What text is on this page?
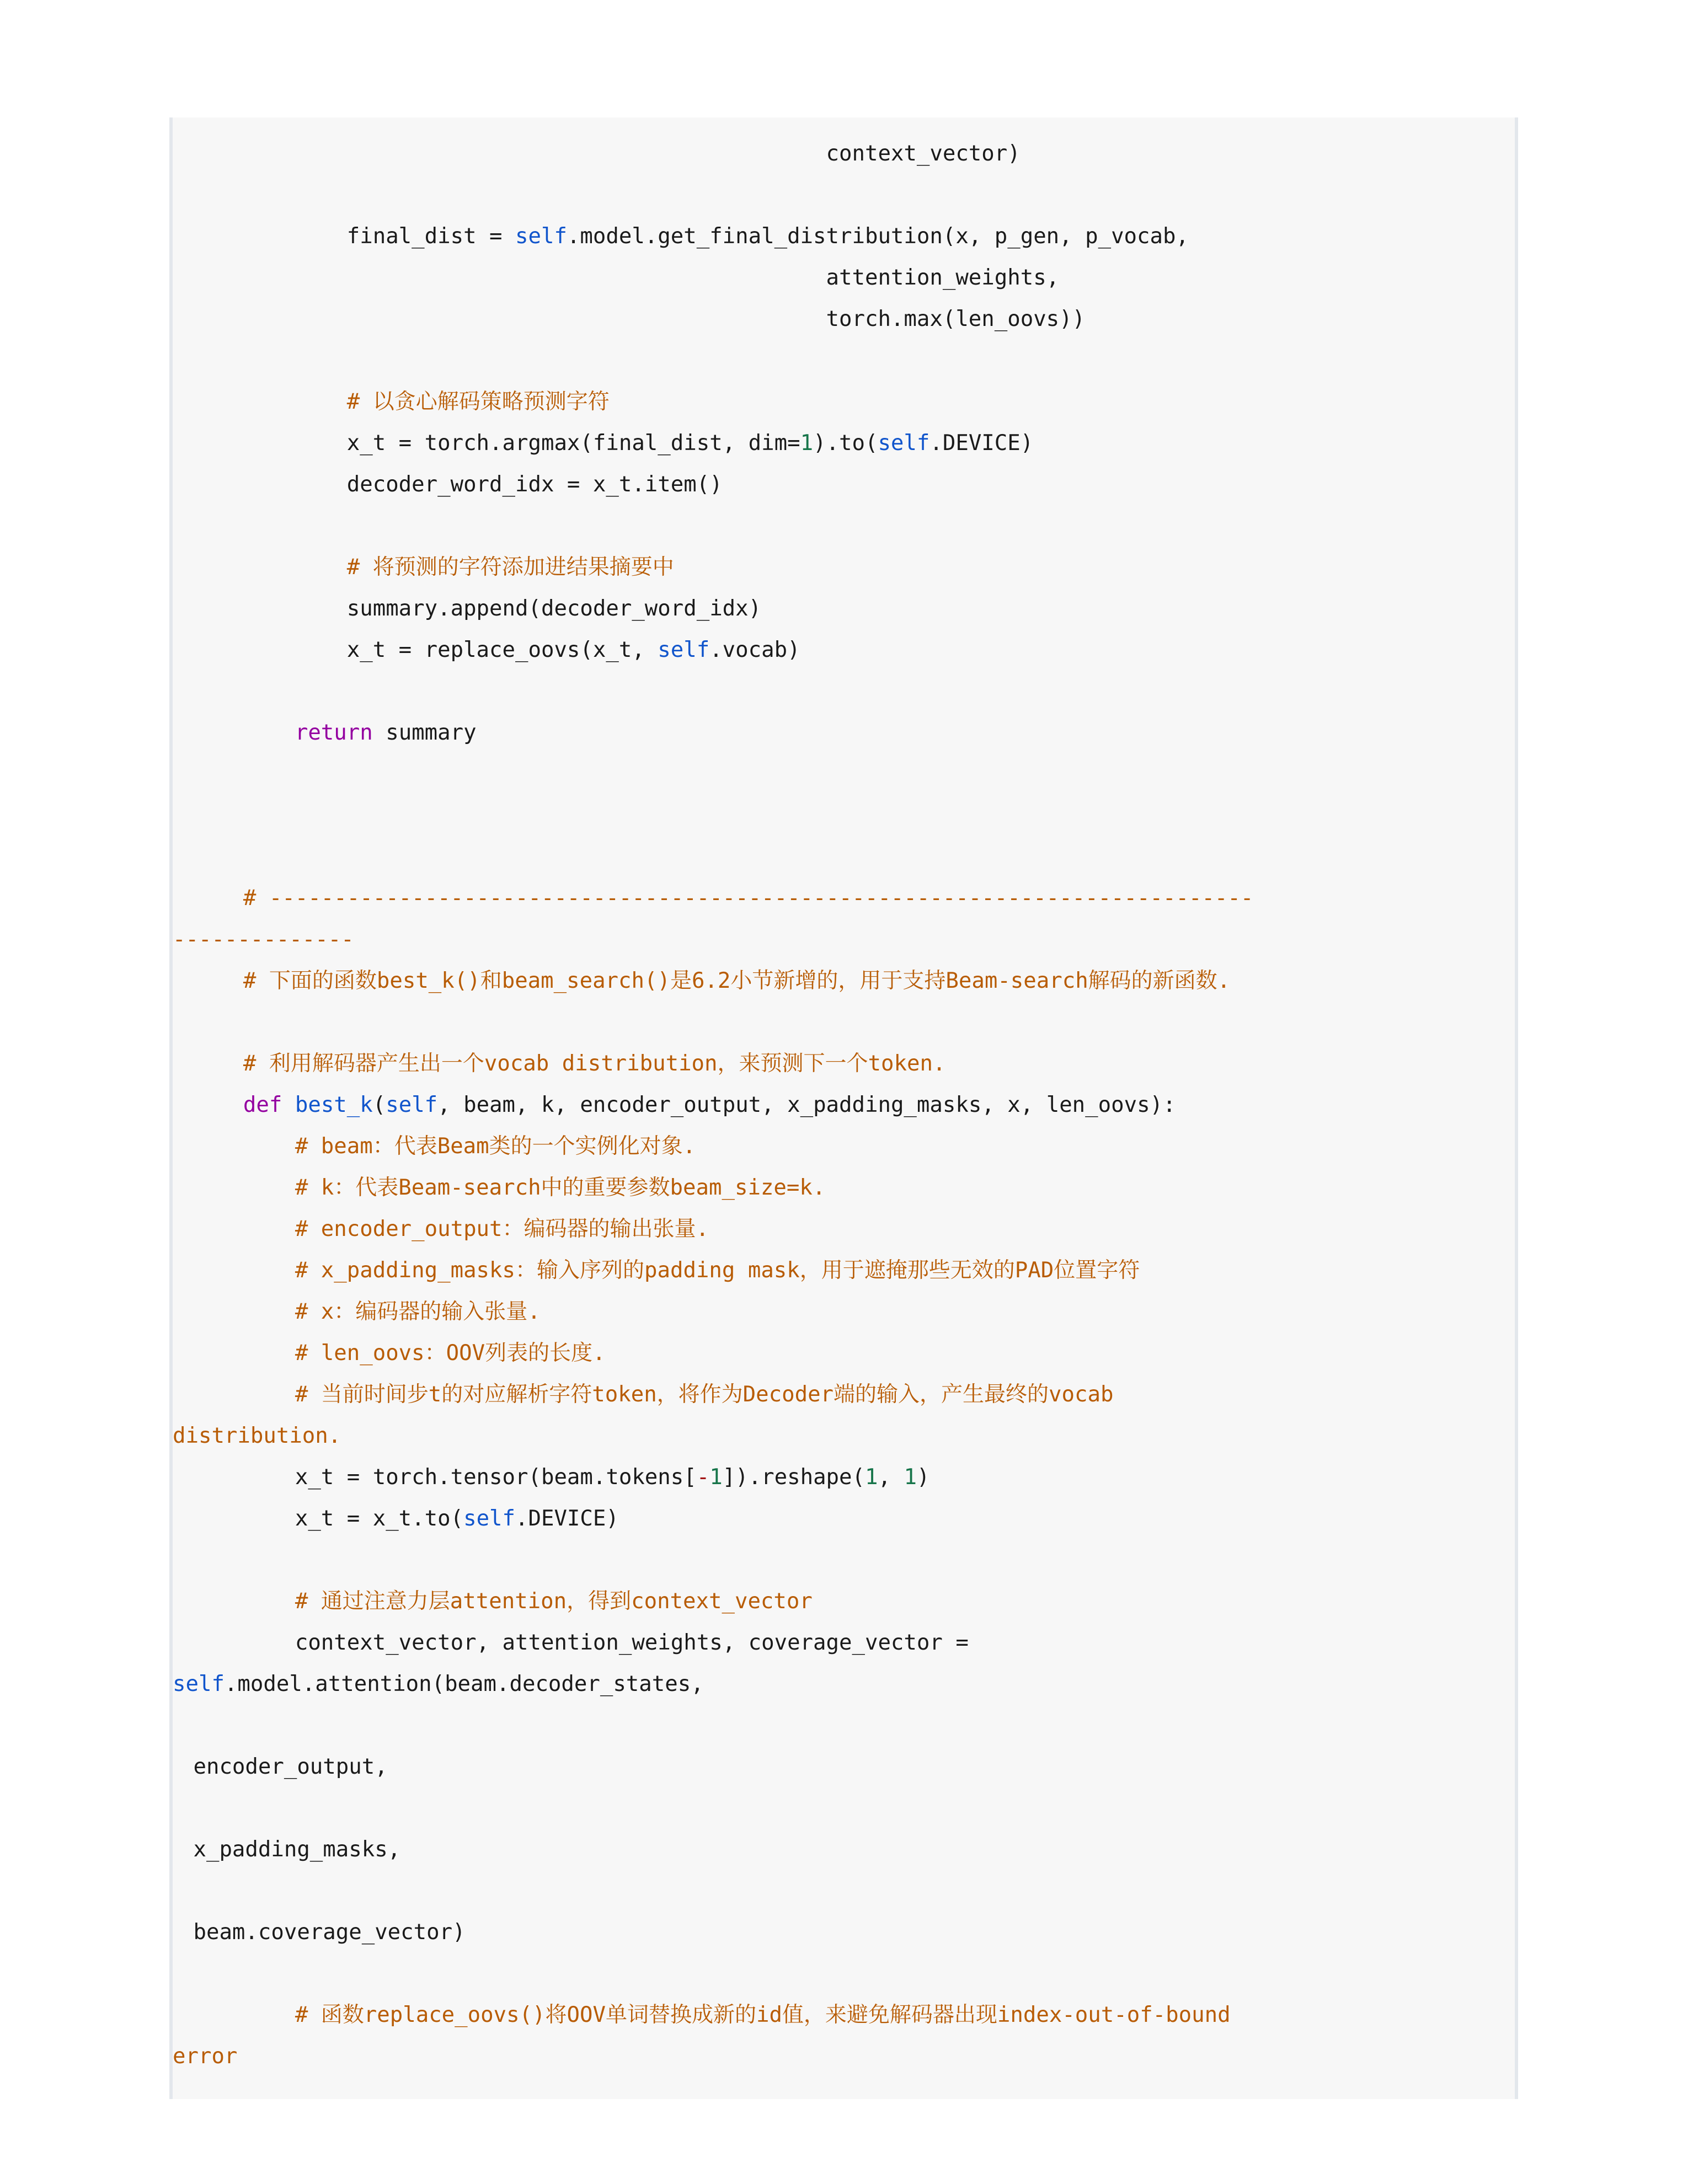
context_vector)
final_dist = self.model.get_final_distribution(x, p_gen, p_vocab,
attention_weights,
torch.max(len_oovs))
# 以贪心解码策略预测字符
x_t = torch.argmax(final_dist, dim=1).to(self.DEVICE)
decoder_word_idx = x_t.item()
# 将预测的字符添加进结果摘要中
summary.append(decoder_word_idx)
x_t = replace_oovs(x_t, self.vocab)
return summary
# ----------------------------------------------------------------------------
--------------
# 下面的函数best_k()和beam_search()是6.2小节新增的，用于支持Beam-search解码的新函数.
# 利用解码器产生出一个vocab distribution，来预测下一个token.
def best_k(self, beam, k, encoder_output, x_padding_masks, x, len_oovs):
# beam：代表Beam类的一个实例化对象.
# k：代表Beam-search中的重要参数beam_size=k.
# encoder_output：编码器的输出张量.
# x_padding_masks：输入序列的padding mask，用于遮掩那些无效的PAD位置字符
# x：编码器的输入张量.
# len_oovs：OOV列表的长度.
# 当前时间步t的对应解析字符token，将作为Decoder端的输入，产生最终的vocab
distribution.
x_t = torch.tensor(beam.tokens[-1]).reshape(1, 1)
x_t = x_t.to(self.DEVICE)
# 通过注意力层attention，得到context_vector
context_vector, attention_weights, coverage_vector =
self.model.attention(beam.decoder_states,
encoder_output,
x_padding_masks,
beam.coverage_vector)
# 函数replace_oovs()将OOV单词替换成新的id值，来避免解码器出现index-out-of-bound
error
